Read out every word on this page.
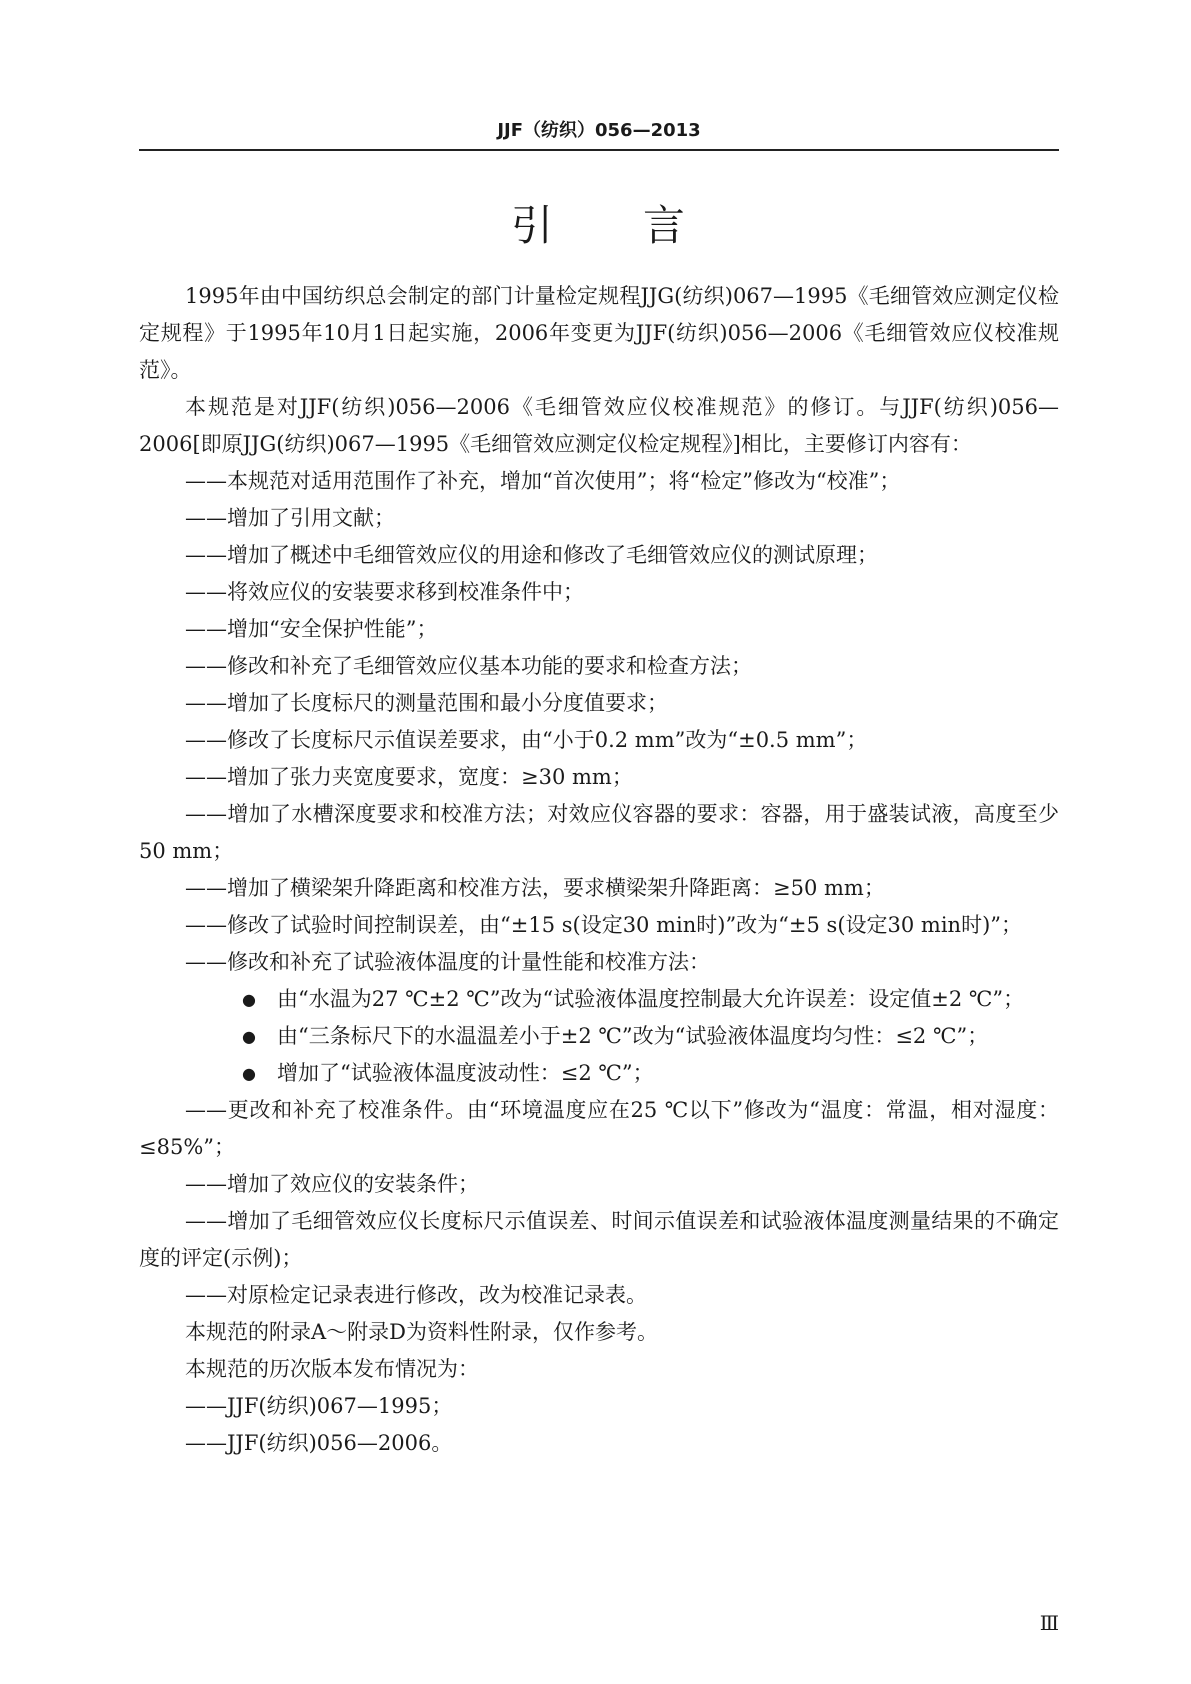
JJF（纺织）056—2013
引 言

1995年由中国纺织总会制定的部门计量检定规程JJG(纺织)067—1995《毛细管效应测定仪检定规程》于1995年10月1日起实施，2006年变更为JJF(纺织)056—2006《毛细管效应仪校准规范》。

本规范是对JJF(纺织)056—2006《毛细管效应仪校准规范》的修订。与JJF(纺织)056—2006[即原JJG(纺织)067—1995《毛细管效应测定仪检定规程》]相比，主要修订内容有：

——本规范对适用范围作了补充，增加“首次使用”；将“检定”修改为“校准”；

——增加了引用文献；

——增加了概述中毛细管效应仪的用途和修改了毛细管效应仪的测试原理；

——将效应仪的安装要求移到校准条件中；

——增加“安全保护性能”；

——修改和补充了毛细管效应仪基本功能的要求和检查方法；

——增加了长度标尺的测量范围和最小分度值要求；

——修改了长度标尺示值误差要求，由“小于0.2 mm”改为“±0.5 mm”；

——增加了张力夹宽度要求，宽度：≥30 mm；

——增加了水槽深度要求和校准方法；对效应仪容器的要求：容器，用于盛装试液，高度至少50 mm；

——增加了横梁架升降距离和校准方法，要求横梁架升降距离：≥50 mm；

——修改了试验时间控制误差，由“±15 s(设定30 min时)”改为“±5 s(设定30 min时)”；

——修改和补充了试验液体温度的计量性能和校准方法：

● 由“水温为27 ℃±2 ℃”改为“试验液体温度控制最大允许误差：设定值±2 ℃”；

● 由“三条标尺下的水温温差小于±2 ℃”改为“试验液体温度均匀性：≤2 ℃”；

● 增加了“试验液体温度波动性：≤2 ℃”；

——更改和补充了校准条件。由“环境温度应在25 ℃以下”修改为“温度：常温，相对湿度：≤85%”；

——增加了效应仪的安装条件；

——增加了毛细管效应仪长度标尺示值误差、时间示值误差和试验液体温度测量结果的不确定度的评定(示例)；

——对原检定记录表进行修改，改为校准记录表。

本规范的附录A～附录D为资料性附录，仅作参考。

本规范的历次版本发布情况为：

——JJF(纺织)067—1995；

——JJF(纺织)056—2006。

Ⅲ
